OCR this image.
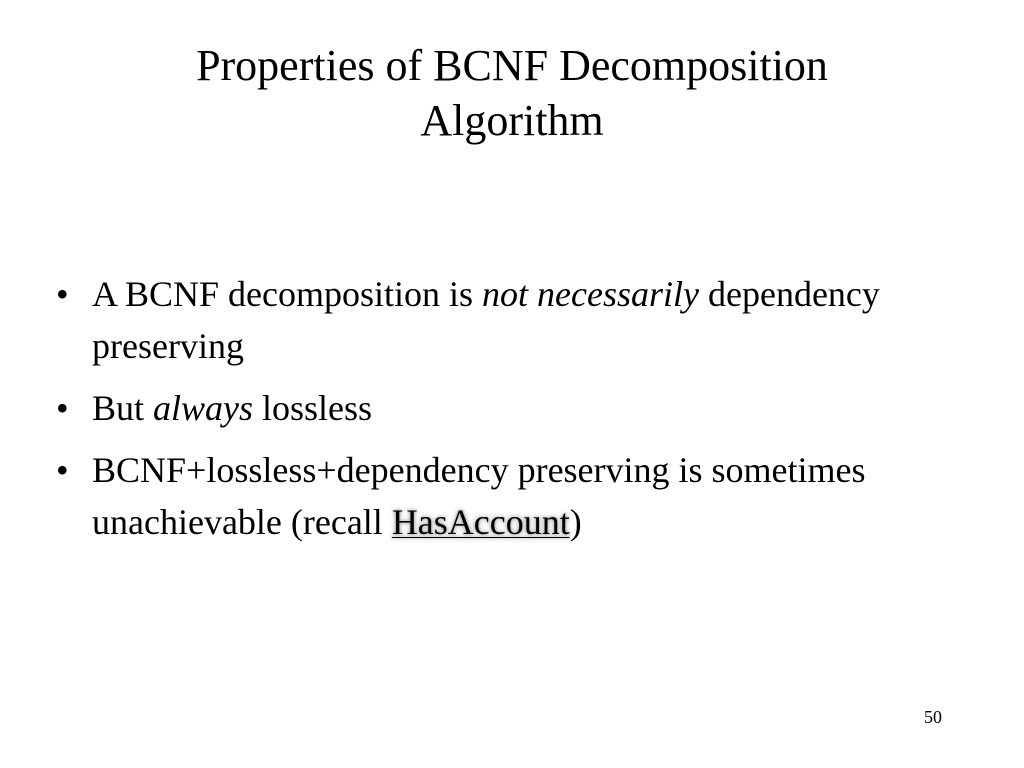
Properties of BCNF Decomposition
Algorithm
• A BCNF decomposition is not necessarily dependency preserving
• But always lossless
• BCNF+lossless+dependency preserving is sometimes unachievable (recall HasAccount)
50
